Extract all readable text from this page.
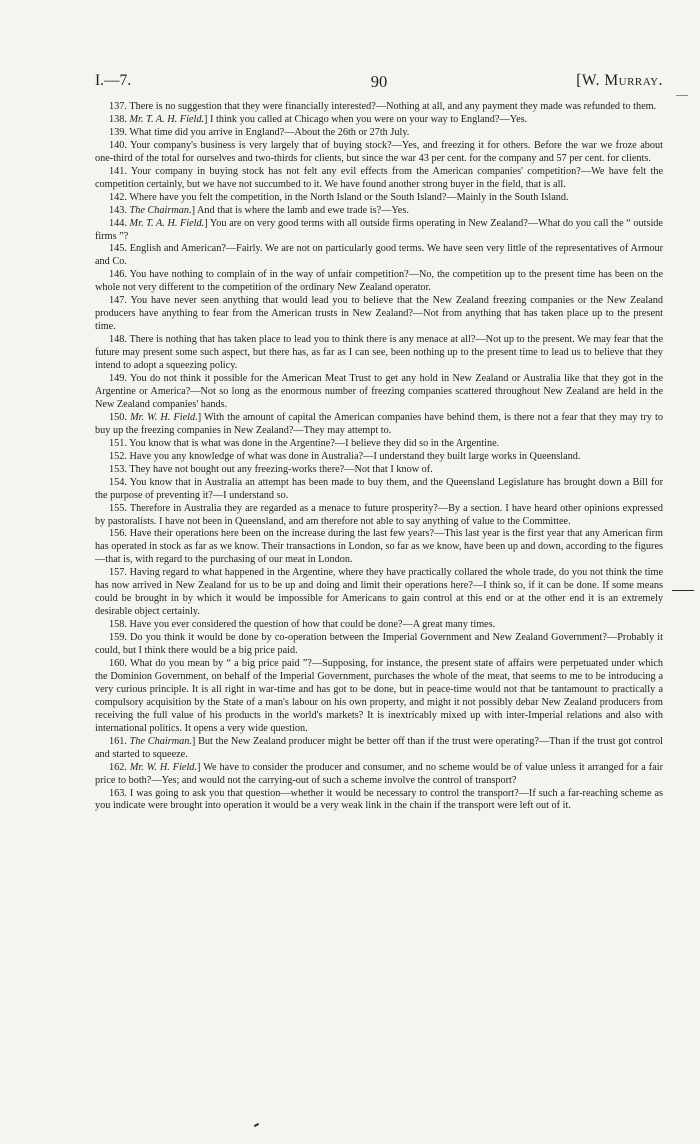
I.—7.	90	[W. Murray.

137. There is no suggestion that they were financially interested?—Nothing at all, and any payment they made was refunded to them.

138. Mr. T. A. H. Field.] I think you called at Chicago when you were on your way to England?—Yes.

139. What time did you arrive in England?—About the 26th or 27th July.

140. Your company's business is very largely that of buying stock?—Yes, and freezing it for others. Before the war we froze about one-third of the total for ourselves and two-thirds for clients, but since the war 43 per cent. for the company and 57 per cent. for clients.

141. Your company in buying stock has not felt any evil effects from the American companies' competition?—We have felt the competition certainly, but we have not succumbed to it. We have found another strong buyer in the field, that is all.

142. Where have you felt the competition, in the North Island or the South Island?—Mainly in the South Island.

143. The Chairman.] And that is where the lamb and ewe trade is?—Yes.

144. Mr. T. A. H. Field.] You are on very good terms with all outside firms operating in New Zealand?—What do you call the “ outside firms ”?

145. English and American?—Fairly. We are not on particularly good terms. We have seen very little of the representatives of Armour and Co.

146. You have nothing to complain of in the way of unfair competition?—No, the competition up to the present time has been on the whole not very different to the competition of the ordinary New Zealand operator.

147. You have never seen anything that would lead you to believe that the New Zealand freezing companies or the New Zealand producers have anything to fear from the American trusts in New Zealand?—Not from anything that has taken place up to the present time.

148. There is nothing that has taken place to lead you to think there is any menace at all?—Not up to the present. We may fear that the future may present some such aspect, but there has, as far as I can see, been nothing up to the present time to lead us to believe that they intend to adopt a squeezing policy.

149. You do not think it possible for the American Meat Trust to get any hold in New Zealand or Australia like that they got in the Argentine or America?—Not so long as the enormous number of freezing companies scattered throughout New Zealand are held in the New Zealand companies' hands.

150. Mr. W. H. Field.] With the amount of capital the American companies have behind them, is there not a fear that they may try to buy up the freezing companies in New Zealand?—They may attempt to.

151. You know that is what was done in the Argentine?—I believe they did so in the Argentine.

152. Have you any knowledge of what was done in Australia?—I understand they built large works in Queensland.

153. They have not bought out any freezing-works there?—Not that I know of.

154. You know that in Australia an attempt has been made to buy them, and the Queensland Legislature has brought down a Bill for the purpose of preventing it?—I understand so.

155. Therefore in Australia they are regarded as a menace to future prosperity?—By a section. I have heard other opinions expressed by pastoralists. I have not been in Queensland, and am therefore not able to say anything of value to the Committee.

156. Have their operations here been on the increase during the last few years?—This last year is the first year that any American firm has operated in stock as far as we know. Their transactions in London, so far as we know, have been up and down, according to the figures—that is, with regard to the purchasing of our meat in London.

157. Having regard to what happened in the Argentine, where they have practically collared the whole trade, do you not think the time has now arrived in New Zealand for us to be up and doing and limit their operations here?—I think so, if it can be done. If some means could be brought in by which it would be impossible for Americans to gain control at this end or at the other end it is an extremely desirable object certainly.

158. Have you ever considered the question of how that could be done?—A great many times.

159. Do you think it would be done by co-operation between the Imperial Government and New Zealand Government?—Probably it could, but I think there would be a big price paid.

160. What do you mean by “ a big price paid ”?—Supposing, for instance, the present state of affairs were perpetuated under which the Dominion Government, on behalf of the Imperial Government, purchases the whole of the meat, that seems to me to be introducing a very curious principle. It is all right in war-time and has got to be done, but in peace-time would not that be tantamount to practically a compulsory acquisition by the State of a man's labour on his own property, and might it not possibly debar New Zealand producers from receiving the full value of his products in the world's markets? It is inextricably mixed up with inter-Imperial relations and also with international politics. It opens a very wide question.

161. The Chairman.] But the New Zealand producer might be better off than if the trust were operating?—Than if the trust got control and started to squeeze.

162. Mr. W. H. Field.] We have to consider the producer and consumer, and no scheme would be of value unless it arranged for a fair price to both?—Yes; and would not the carrying-out of such a scheme involve the control of transport?

163. I was going to ask you that question—whether it would be necessary to control the transport?—If such a far-reaching scheme as you indicate were brought into operation it would be a very weak link in the chain if the transport were left out of it.
